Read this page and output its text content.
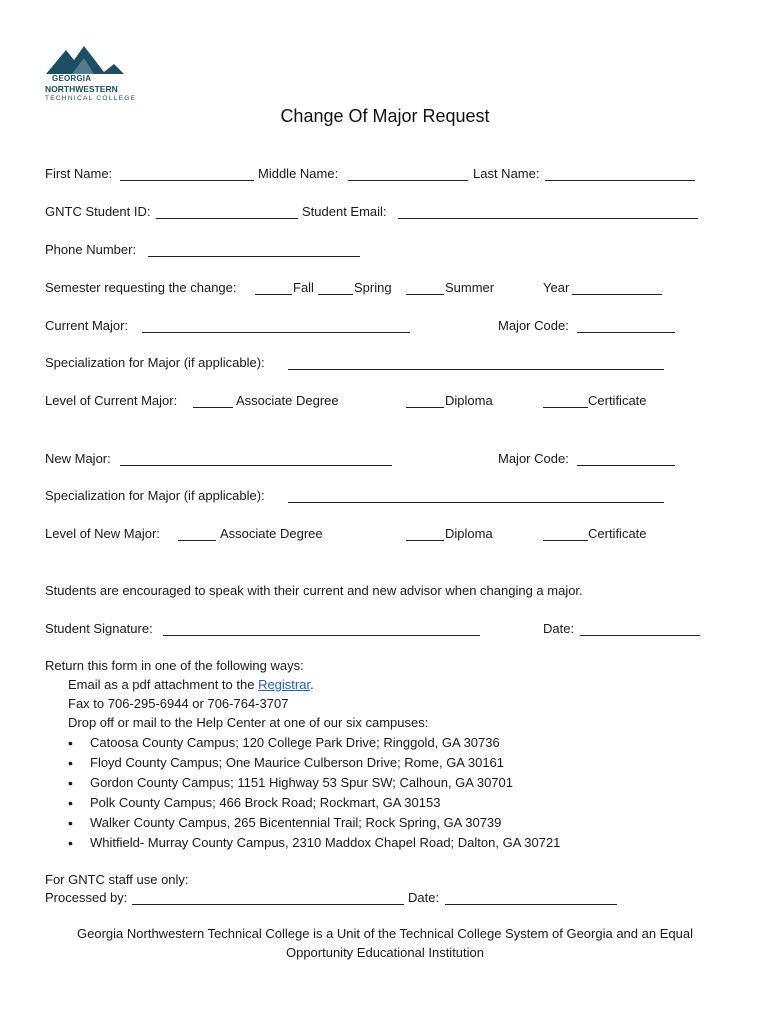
GEORGIA
NORTHWESTERN
TECHNICAL COLLEGE
Change Of Major Request
First Name:	Middle Name:	Last Name:
GNTC Student ID:	Student Email:
Phone Number:
Semester requesting the change:	Fall	Spring	Summer	Year
Current Major:	Major Code:
Specialization for Major (if applicable):
Level of Current Major:	Associate Degree	Diploma	Certificate
New Major:	Major Code:
Specialization for Major (if applicable):
Level of New Major:	Associate Degree	Diploma	Certificate
Students are encouraged to speak with their current and new advisor when changing a major.
Student Signature:	Date:
Return this form in one of the following ways:
Email as a pdf attachment to the Registrar.
Fax to 706-295-6944 or 706-764-3707
Drop off or mail to the Help Center at one of our six campuses:
• Catoosa County Campus; 120 College Park Drive; Ringgold, GA 30736
• Floyd County Campus; One Maurice Culberson Drive; Rome, GA 30161
• Gordon County Campus; 1151 Highway 53 Spur SW; Calhoun, GA 30701
• Polk County Campus; 466 Brock Road; Rockmart, GA 30153
• Walker County Campus, 265 Bicentennial Trail; Rock Spring, GA 30739
• Whitfield- Murray County Campus, 2310 Maddox Chapel Road; Dalton, GA 30721
For GNTC staff use only:
Processed by:	Date:
Georgia Northwestern Technical College is a Unit of the Technical College System of Georgia and an Equal
Opportunity Educational Institution
